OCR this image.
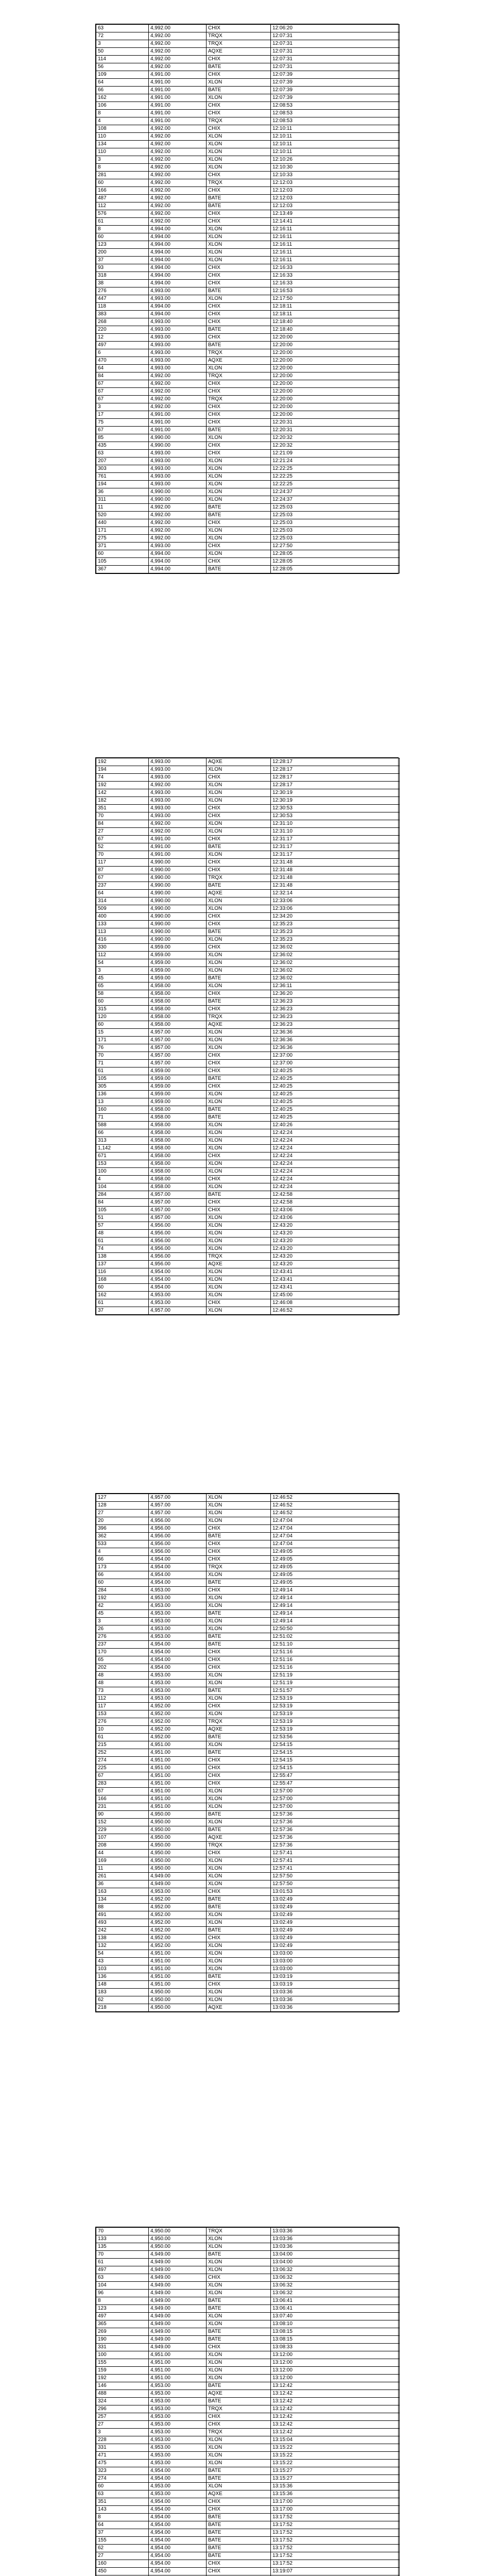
63	4,992.00	CHIX	12:06:20
72	4,992.00	TRQX	12:07:31
3	4,992.00	TRQX	12:07:31
50	4,992.00	AQXE	12:07:31
114	4,992.00	CHIX	12:07:31
56	4,992.00	BATE	12:07:31
109	4,991.00	CHIX	12:07:39
64	4,991.00	XLON	12:07:39
66	4,991.00	BATE	12:07:39
162	4,991.00	XLON	12:07:39
106	4,991.00	CHIX	12:08:53
8	4,991.00	CHIX	12:08:53
4	4,991.00	TRQX	12:08:53
108	4,992.00	CHIX	12:10:11
110	4,992.00	XLON	12:10:11
134	4,992.00	XLON	12:10:11
110	4,992.00	XLON	12:10:11
3	4,992.00	XLON	12:10:26
8	4,992.00	XLON	12:10:30
281	4,992.00	CHIX	12:10:33
60	4,992.00	TRQX	12:12:03
166	4,992.00	CHIX	12:12:03
487	4,992.00	BATE	12:12:03
112	4,992.00	BATE	12:12:03
576	4,992.00	CHIX	12:13:49
61	4,992.00	CHIX	12:14:41
8	4,994.00	XLON	12:16:11
60	4,994.00	XLON	12:16:11
123	4,994.00	XLON	12:16:11
200	4,994.00	XLON	12:16:11
37	4,994.00	XLON	12:16:11
93	4,994.00	CHIX	12:16:33
318	4,994.00	CHIX	12:16:33
38	4,994.00	CHIX	12:16:33
276	4,993.00	BATE	12:16:53
447	4,993.00	XLON	12:17:50
118	4,994.00	CHIX	12:18:11
383	4,994.00	CHIX	12:18:11
268	4,993.00	CHIX	12:18:40
220	4,993.00	BATE	12:18:40
12	4,993.00	CHIX	12:20:00
497	4,993.00	BATE	12:20:00
6	4,993.00	TRQX	12:20:00
470	4,993.00	AQXE	12:20:00
64	4,993.00	XLON	12:20:00
84	4,992.00	TRQX	12:20:00
67	4,992.00	CHIX	12:20:00
67	4,992.00	CHIX	12:20:00
67	4,992.00	TRQX	12:20:00
3	4,992.00	CHIX	12:20:00
17	4,991.00	CHIX	12:20:00
75	4,991.00	CHIX	12:20:31
67	4,991.00	BATE	12:20:31
85	4,990.00	XLON	12:20:32
435	4,990.00	CHIX	12:20:32
63	4,993.00	CHIX	12:21:09
207	4,993.00	XLON	12:21:24
303	4,993.00	XLON	12:22:25
761	4,993.00	XLON	12:22:25
194	4,993.00	XLON	12:22:25
36	4,990.00	XLON	12:24:37
311	4,990.00	XLON	12:24:37
11	4,992.00	BATE	12:25:03
520	4,992.00	BATE	12:25:03
440	4,992.00	CHIX	12:25:03
171	4,992.00	XLON	12:25:03
275	4,992.00	XLON	12:25:03
371	4,993.00	CHIX	12:27:50
60	4,994.00	XLON	12:28:05
105	4,994.00	CHIX	12:28:05
367	4,994.00	BATE	12:28:05
192	4,993.00	AQXE	12:28:17
194	4,993.00	XLON	12:28:17
74	4,993.00	CHIX	12:28:17
192	4,992.00	XLON	12:28:17
142	4,993.00	XLON	12:30:19
182	4,993.00	XLON	12:30:19
351	4,993.00	CHIX	12:30:53
70	4,993.00	CHIX	12:30:53
84	4,992.00	XLON	12:31:10
27	4,992.00	XLON	12:31:10
67	4,991.00	CHIX	12:31:17
52	4,991.00	BATE	12:31:17
70	4,991.00	XLON	12:31:17
117	4,990.00	CHIX	12:31:48
87	4,990.00	CHIX	12:31:48
67	4,990.00	TRQX	12:31:48
237	4,990.00	BATE	12:31:48
64	4,990.00	AQXE	12:32:14
314	4,990.00	XLON	12:33:06
509	4,990.00	XLON	12:33:06
400	4,990.00	CHIX	12:34:20
133	4,990.00	CHIX	12:35:23
113	4,990.00	BATE	12:35:23
416	4,990.00	XLON	12:35:23
330	4,959.00	CHIX	12:36:02
112	4,959.00	XLON	12:36:02
54	4,959.00	XLON	12:36:02
3	4,959.00	XLON	12:36:02
45	4,959.00	BATE	12:36:02
65	4,958.00	XLON	12:36:11
58	4,958.00	CHIX	12:36:20
60	4,958.00	BATE	12:36:23
315	4,958.00	CHIX	12:36:23
120	4,958.00	TRQX	12:36:23
60	4,958.00	AQXE	12:36:23
15	4,957.00	XLON	12:36:36
171	4,957.00	XLON	12:36:36
76	4,957.00	XLON	12:36:36
70	4,957.00	CHIX	12:37:00
71	4,957.00	CHIX	12:37:00
61	4,959.00	CHIX	12:40:25
105	4,959.00	BATE	12:40:25
305	4,959.00	CHIX	12:40:25
136	4,959.00	XLON	12:40:25
13	4,959.00	XLON	12:40:25
160	4,958.00	BATE	12:40:25
71	4,958.00	BATE	12:40:25
588	4,958.00	XLON	12:40:26
66	4,958.00	XLON	12:42:24
313	4,958.00	XLON	12:42:24
1,142	4,958.00	XLON	12:42:24
671	4,958.00	CHIX	12:42:24
153	4,958.00	XLON	12:42:24
100	4,958.00	XLON	12:42:24
4	4,958.00	CHIX	12:42:24
104	4,958.00	XLON	12:42:24
284	4,957.00	BATE	12:42:58
84	4,957.00	CHIX	12:42:58
105	4,957.00	CHIX	12:43:06
51	4,957.00	XLON	12:43:06
57	4,956.00	XLON	12:43:20
48	4,956.00	XLON	12:43:20
61	4,956.00	XLON	12:43:20
74	4,956.00	XLON	12:43:20
138	4,956.00	TRQX	12:43:20
137	4,956.00	AQXE	12:43:20
116	4,954.00	XLON	12:43:41
168	4,954.00	XLON	12:43:41
60	4,954.00	XLON	12:43:41
162	4,953.00	XLON	12:45:00
61	4,953.00	CHIX	12:46:08
37	4,957.00	XLON	12:46:52
127	4,957.00	XLON	12:46:52
128	4,957.00	XLON	12:46:52
27	4,957.00	XLON	12:46:52
20	4,956.00	XLON	12:47:04
396	4,956.00	CHIX	12:47:04
362	4,956.00	BATE	12:47:04
533	4,956.00	CHIX	12:47:04
4	4,956.00	CHIX	12:49:05
66	4,954.00	CHIX	12:49:05
173	4,954.00	TRQX	12:49:05
66	4,954.00	XLON	12:49:05
60	4,954.00	BATE	12:49:05
284	4,953.00	CHIX	12:49:14
192	4,953.00	XLON	12:49:14
42	4,953.00	XLON	12:49:14
45	4,953.00	BATE	12:49:14
3	4,953.00	XLON	12:49:14
26	4,953.00	XLON	12:50:50
276	4,953.00	BATE	12:51:02
237	4,954.00	BATE	12:51:10
170	4,954.00	CHIX	12:51:16
65	4,954.00	CHIX	12:51:16
202	4,954.00	CHIX	12:51:16
48	4,953.00	XLON	12:51:19
48	4,953.00	XLON	12:51:19
73	4,953.00	BATE	12:51:57
112	4,953.00	XLON	12:53:19
117	4,952.00	CHIX	12:53:19
153	4,952.00	XLON	12:53:19
276	4,952.00	TRQX	12:53:19
10	4,952.00	AQXE	12:53:19
61	4,952.00	BATE	12:53:56
215	4,951.00	XLON	12:54:15
252	4,951.00	BATE	12:54:15
274	4,951.00	CHIX	12:54:15
225	4,951.00	CHIX	12:54:15
67	4,951.00	CHIX	12:55:47
283	4,951.00	CHIX	12:55:47
67	4,951.00	XLON	12:57:00
166	4,951.00	XLON	12:57:00
231	4,951.00	XLON	12:57:00
90	4,950.00	BATE	12:57:36
152	4,950.00	XLON	12:57:36
229	4,950.00	BATE	12:57:36
107	4,950.00	AQXE	12:57:36
208	4,950.00	TRQX	12:57:36
44	4,950.00	CHIX	12:57:41
169	4,950.00	XLON	12:57:41
11	4,950.00	XLON	12:57:41
261	4,949.00	XLON	12:57:50
36	4,949.00	XLON	12:57:50
163	4,953.00	CHIX	13:01:53
134	4,952.00	BATE	13:02:49
88	4,952.00	BATE	13:02:49
491	4,952.00	XLON	13:02:49
493	4,952.00	XLON	13:02:49
242	4,952.00	BATE	13:02:49
138	4,952.00	CHIX	13:02:49
132	4,952.00	XLON	13:02:49
54	4,951.00	XLON	13:03:00
43	4,951.00	XLON	13:03:00
103	4,951.00	XLON	13:03:00
136	4,951.00	BATE	13:03:19
148	4,951.00	CHIX	13:03:19
183	4,950.00	XLON	13:03:36
62	4,950.00	XLON	13:03:36
218	4,950.00	AQXE	13:03:36
70	4,950.00	TRQX	13:03:36
133	4,950.00	XLON	13:03:36
135	4,950.00	XLON	13:03:36
70	4,949.00	BATE	13:04:00
61	4,949.00	XLON	13:04:00
497	4,949.00	XLON	13:06:32
63	4,949.00	CHIX	13:06:32
104	4,949.00	XLON	13:06:32
96	4,949.00	XLON	13:06:32
8	4,949.00	BATE	13:06:41
123	4,949.00	BATE	13:06:41
497	4,949.00	XLON	13:07:40
365	4,949.00	XLON	13:08:10
269	4,949.00	BATE	13:08:15
190	4,949.00	BATE	13:08:15
331	4,949.00	CHIX	13:08:33
100	4,951.00	XLON	13:12:00
155	4,951.00	XLON	13:12:00
159	4,951.00	XLON	13:12:00
192	4,951.00	XLON	13:12:00
146	4,953.00	BATE	13:12:42
488	4,953.00	AQXE	13:12:42
324	4,953.00	BATE	13:12:42
296	4,953.00	TRQX	13:12:42
257	4,953.00	CHIX	13:12:42
27	4,953.00	CHIX	13:12:42
3	4,953.00	TRQX	13:12:42
228	4,953.00	XLON	13:15:04
331	4,953.00	XLON	13:15:22
471	4,953.00	XLON	13:15:22
475	4,953.00	XLON	13:15:22
323	4,954.00	BATE	13:15:27
274	4,954.00	BATE	13:15:27
60	4,953.00	XLON	13:15:36
63	4,953.00	AQXE	13:15:36
351	4,954.00	CHIX	13:17:00
143	4,954.00	CHIX	13:17:00
8	4,954.00	BATE	13:17:52
64	4,954.00	BATE	13:17:52
37	4,954.00	BATE	13:17:52
155	4,954.00	BATE	13:17:52
62	4,954.00	BATE	13:17:52
27	4,954.00	BATE	13:17:52
160	4,954.00	CHIX	13:17:52
450	4,954.00	CHIX	13:19:07
